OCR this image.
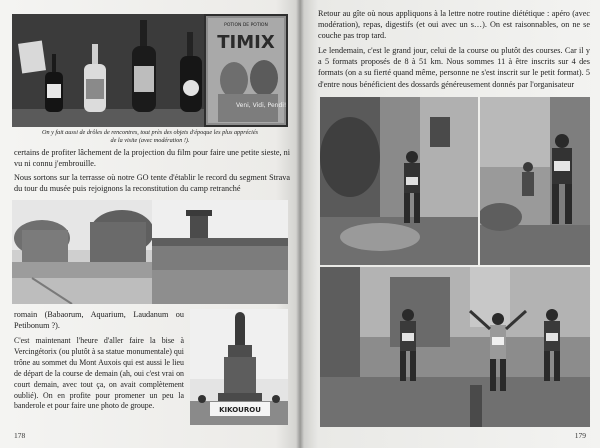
POTION DE POTION
TIMIX
Veni, Vidi, Pendi!
On y fait aussi de drôles de rencontres, tout près des objets d'époque les plus appréciés de la visite (avec modération !).
certains de profiter lâchement de la projection du film pour faire une petite sieste, ni vu ni connu j'embrouille.
Nous sortons sur la terrasse où notre GO tente d'établir le record du segment Strava du tour du musée puis rejoignons la reconstitution du camp retranché
romain (Babaorum, Aquarium, Laudanum ou Petibonum ?).
C'est maintenant l'heure d'aller faire la bise à Vercingétorix (ou plutôt à sa statue monumentale) qui trône au sommet du Mont Auxois qui est aussi le lieu de départ de la course de demain (ah, oui c'est vrai on court demain, avec tout ça, on avait complètement oublié). On en profite pour promener un peu la banderole et pour faire une photo de groupe.	KIKOUROU
178
Retour au gîte où nous appliquons à la lettre notre routine diététique : apéro (avec modération), repas, digestifs (et oui avec un s…). On est raisonnables, on ne se couche pas trop tard.
Le lendemain, c'est le grand jour, celui de la course ou plutôt des courses. Car il y a 5 formats proposés de 8 à 51 km. Nous sommes 11 à être inscrits sur 4 des formats (on a su fierté quand même, personne ne s'est inscrit sur le petit format). 5 d'entre nous bénéficient des dossards généreusement donnés par l'organisateur
179
